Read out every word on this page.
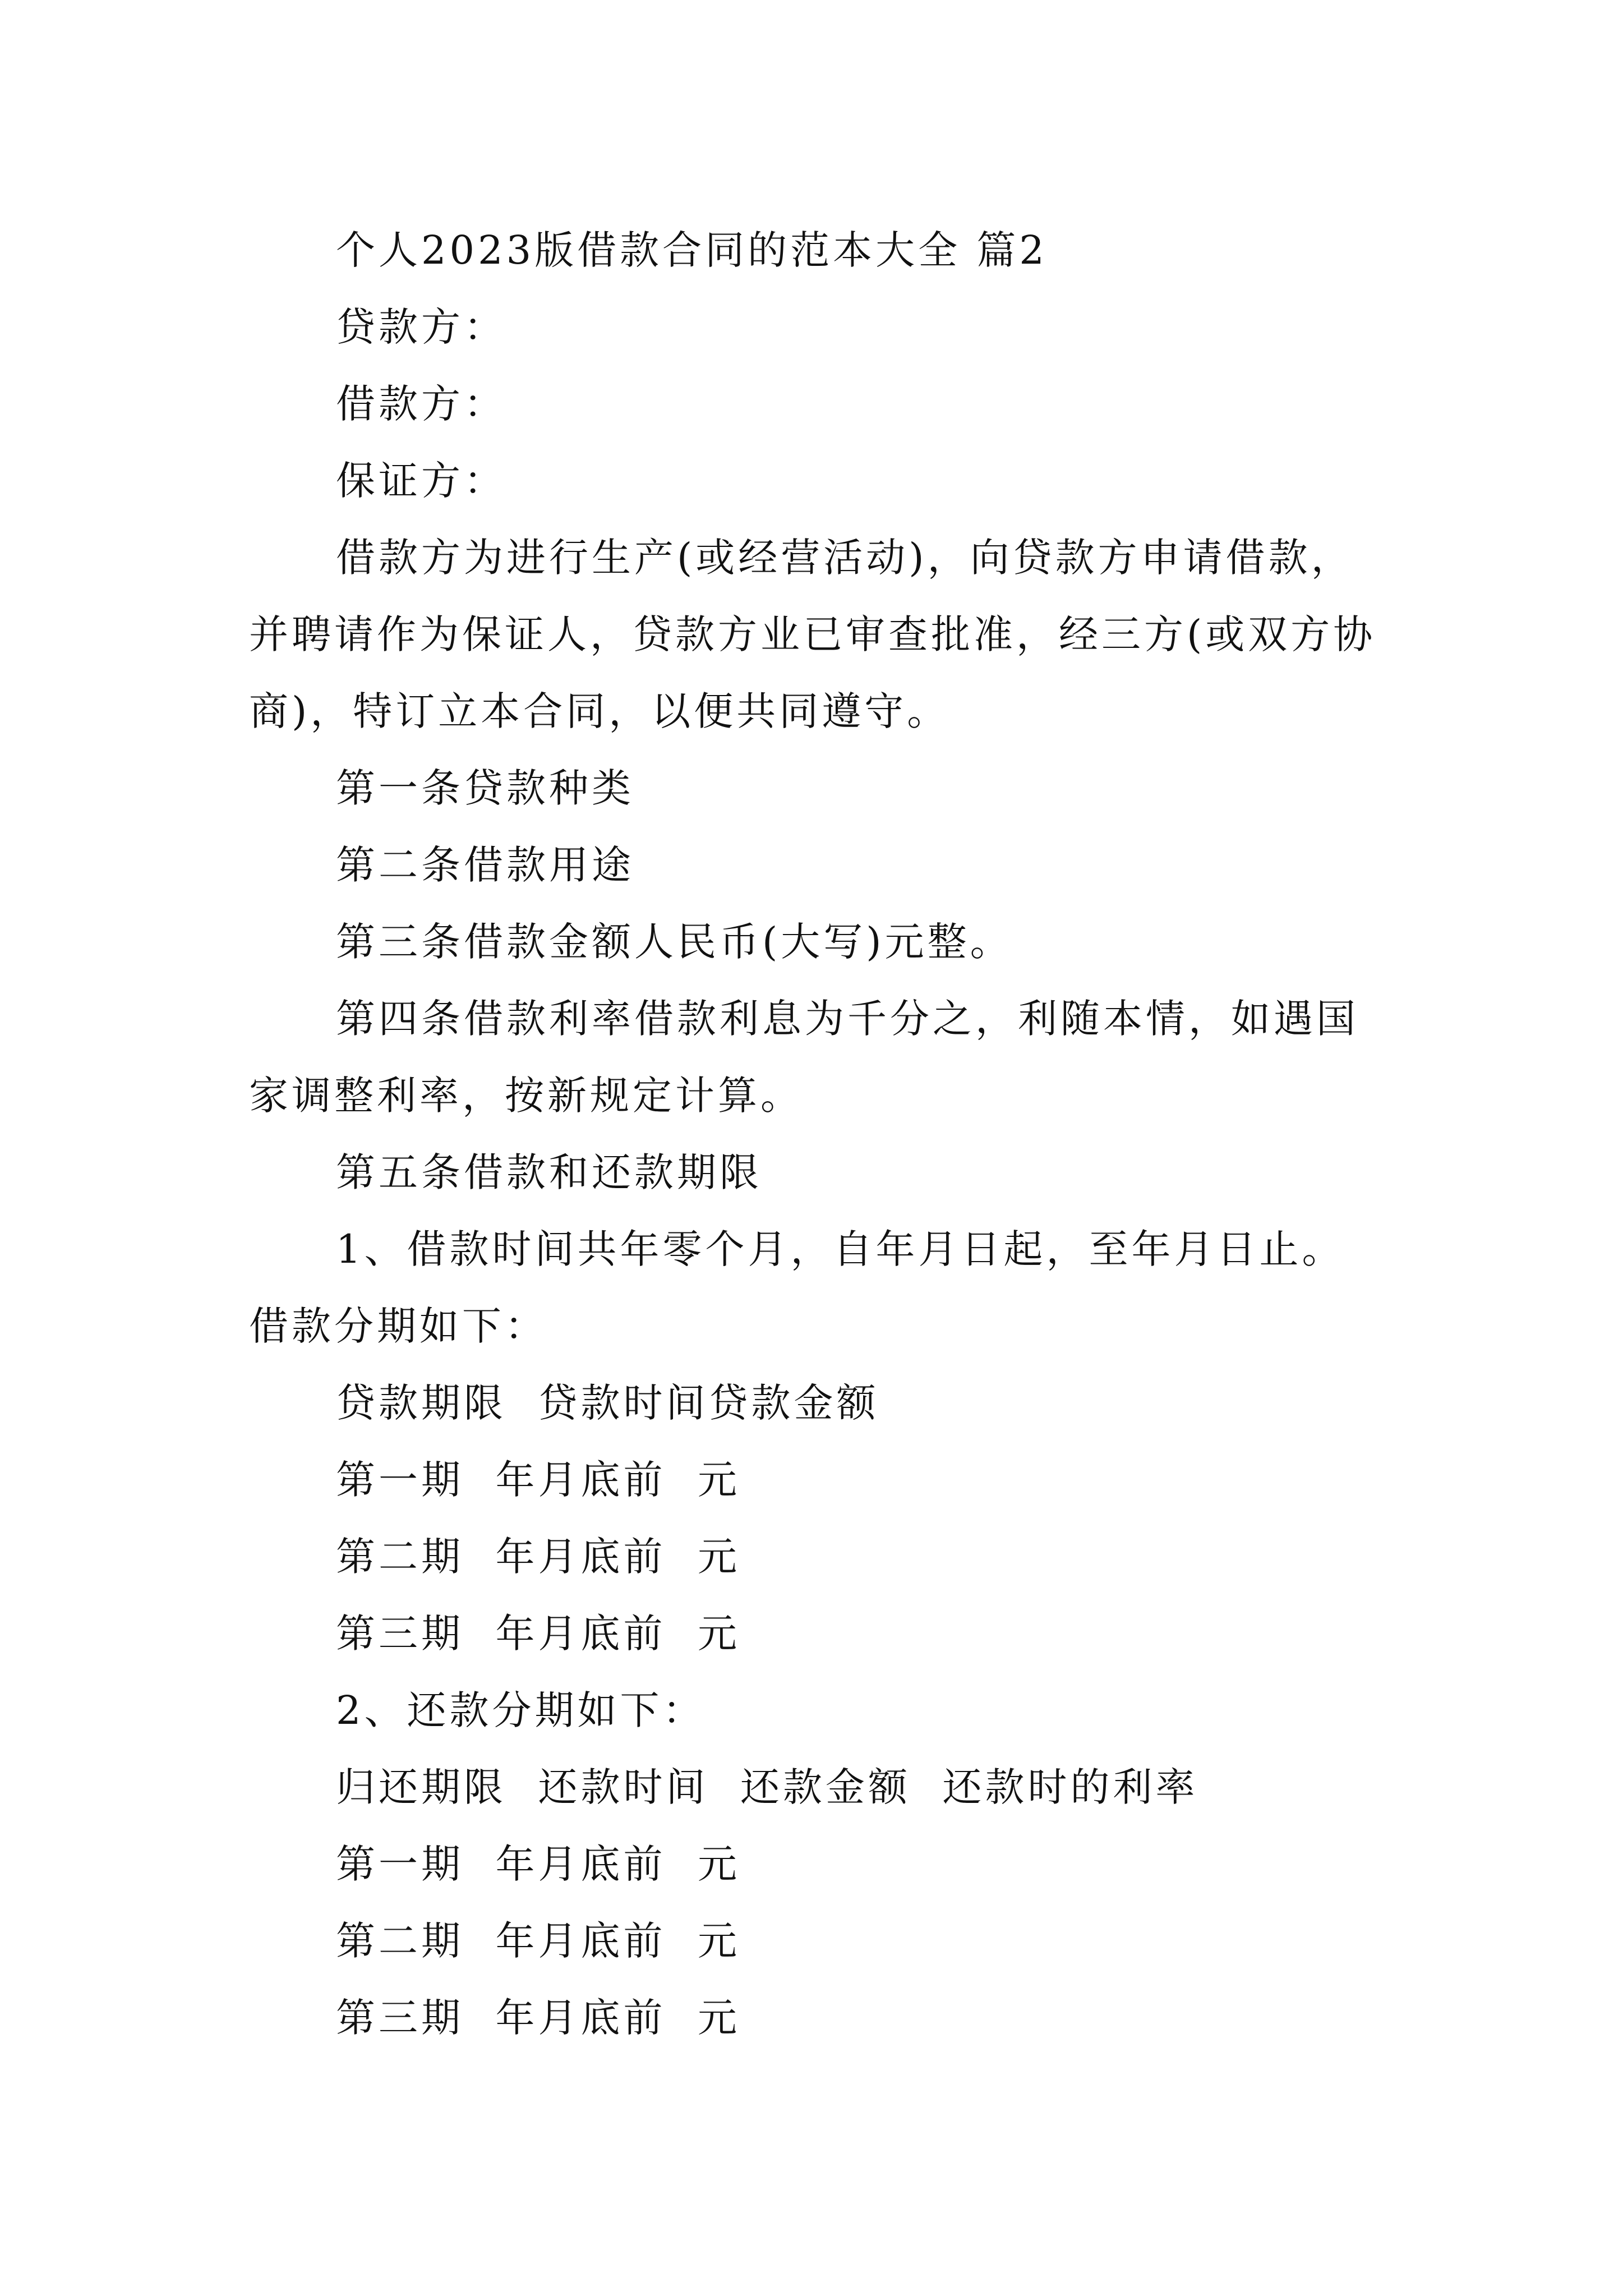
个人2023版借款合同的范本大全 篇2

贷款方：

借款方：

保证方：

借款方为进行生产(或经营活动)，向贷款方申请借款，并聘请作为保证人，贷款方业已审查批准，经三方(或双方协商)，特订立本合同，以便共同遵守。

第一条贷款种类

第二条借款用途

第三条借款金额人民币(大写)元整。

第四条借款利率借款利息为千分之，利随本情，如遇国家调整利率，按新规定计算。

第五条借款和还款期限

1、借款时间共年零个月，自年月日起，至年月日止。借款分期如下：

贷款期限  贷款时间贷款金额

第一期  年月底前  元

第二期  年月底前  元

第三期  年月底前  元

2、还款分期如下：

归还期限  还款时间  还款金额  还款时的利率

第一期  年月底前  元

第二期  年月底前  元

第三期  年月底前  元
